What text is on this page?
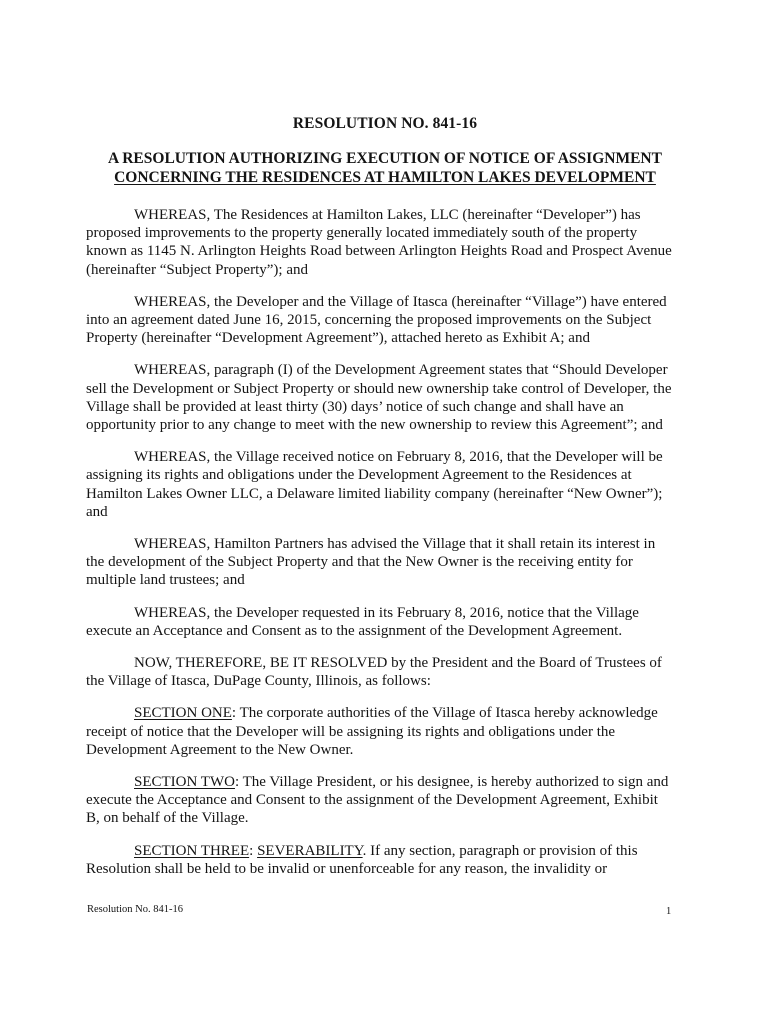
RESOLUTION NO. 841-16
A RESOLUTION AUTHORIZING EXECUTION OF NOTICE OF ASSIGNMENT
CONCERNING THE RESIDENCES AT HAMILTON LAKES DEVELOPMENT

WHEREAS, The Residences at Hamilton Lakes, LLC (hereinafter “Developer”) has proposed improvements to the property generally located immediately south of the property known as 1145 N. Arlington Heights Road between Arlington Heights Road and Prospect Avenue (hereinafter “Subject Property”); and

WHEREAS, the Developer and the Village of Itasca (hereinafter “Village”) have entered into an agreement dated June 16, 2015, concerning the proposed improvements on the Subject Property (hereinafter “Development Agreement”), attached hereto as Exhibit A; and

WHEREAS, paragraph (I) of the Development Agreement states that “Should Developer sell the Development or Subject Property or should new ownership take control of Developer, the Village shall be provided at least thirty (30) days’ notice of such change and shall have an opportunity prior to any change to meet with the new ownership to review this Agreement”; and

WHEREAS, the Village received notice on February 8, 2016, that the Developer will be assigning its rights and obligations under the Development Agreement to the Residences at Hamilton Lakes Owner LLC, a Delaware limited liability company (hereinafter “New Owner”); and

WHEREAS, Hamilton Partners has advised the Village that it shall retain its interest in the development of the Subject Property and that the New Owner is the receiving entity for multiple land trustees; and

WHEREAS, the Developer requested in its February 8, 2016, notice that the Village execute an Acceptance and Consent as to the assignment of the Development Agreement.

NOW, THEREFORE, BE IT RESOLVED by the President and the Board of Trustees of the Village of Itasca, DuPage County, Illinois, as follows:

SECTION ONE: The corporate authorities of the Village of Itasca hereby acknowledge receipt of notice that the Developer will be assigning its rights and obligations under the Development Agreement to the New Owner.

SECTION TWO: The Village President, or his designee, is hereby authorized to sign and execute the Acceptance and Consent to the assignment of the Development Agreement, Exhibit B, on behalf of the Village.

SECTION THREE: SEVERABILITY. If any section, paragraph or provision of this Resolution shall be held to be invalid or unenforceable for any reason, the invalidity or

Resolution No. 841-16	1
